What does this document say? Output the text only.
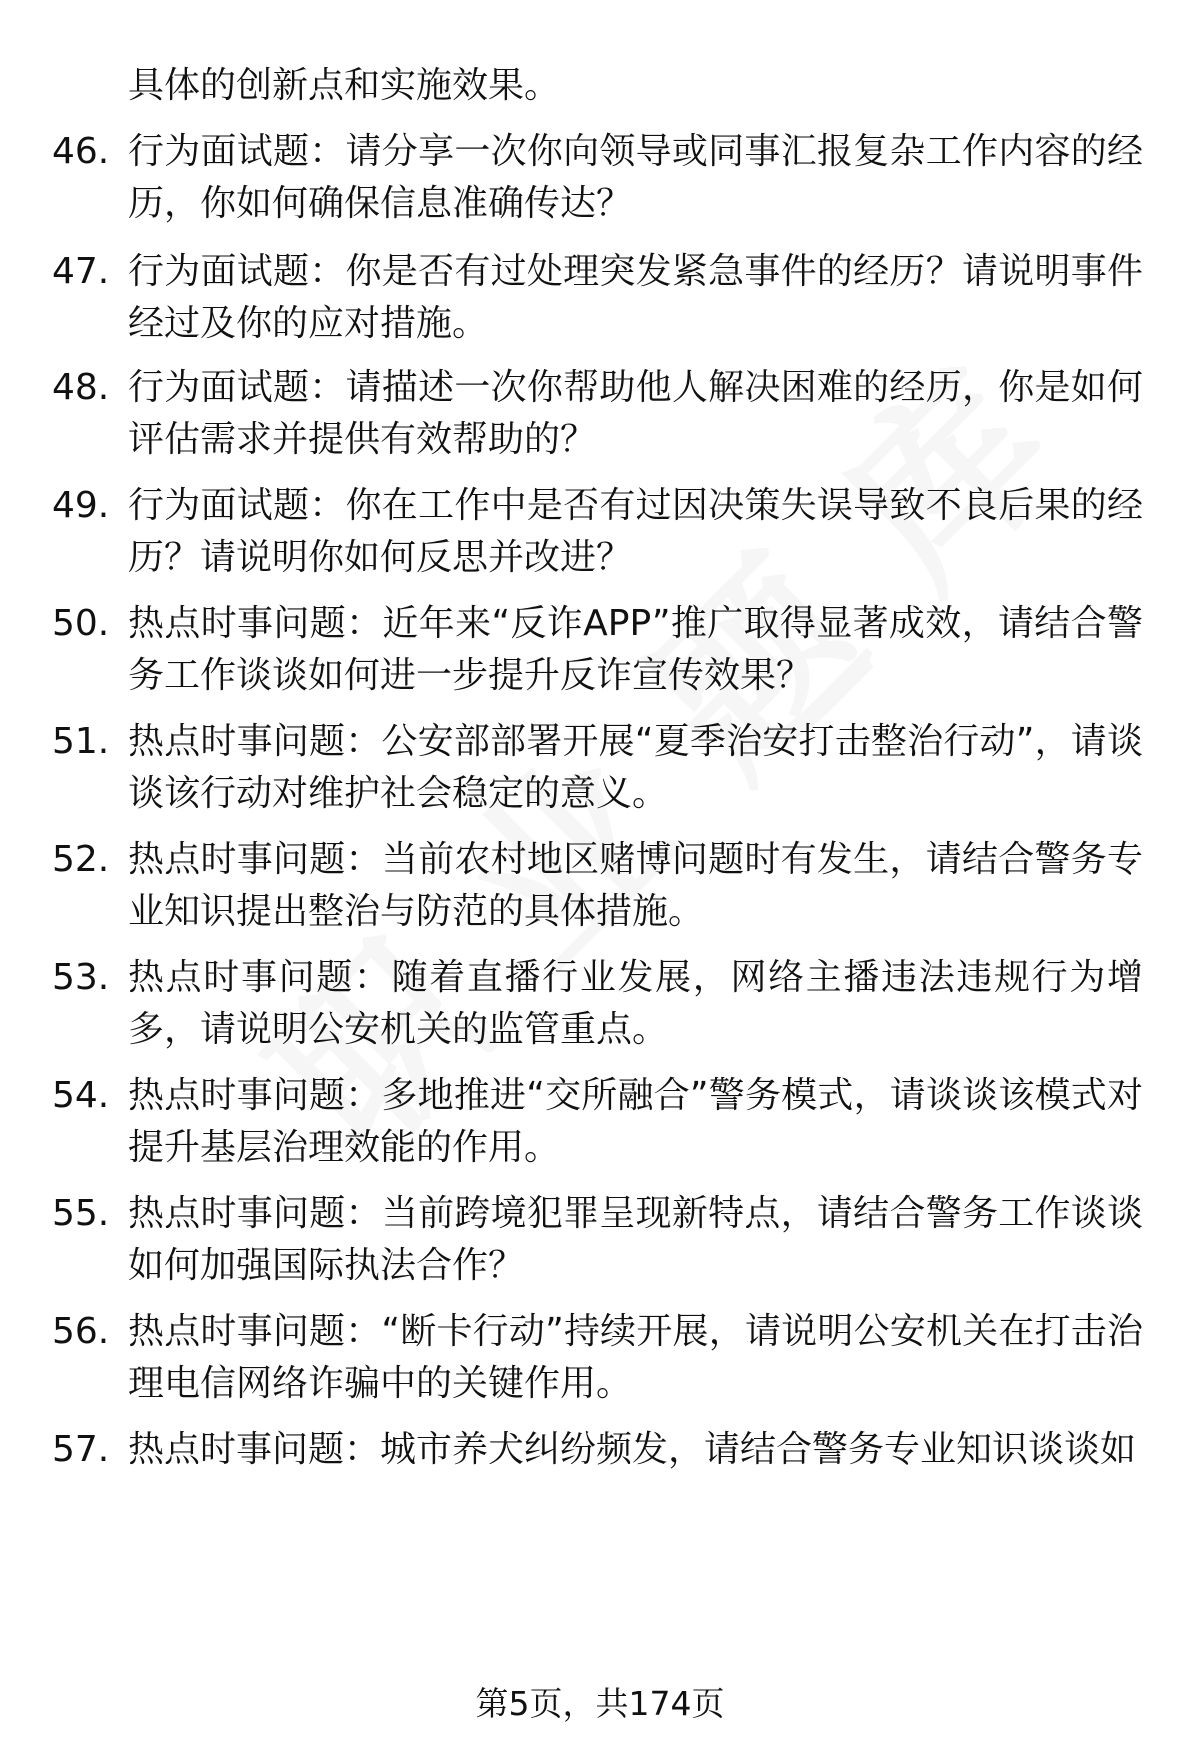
具体的创新点和实施效果。
46. 行为面试题：请分享一次你向领导或同事汇报复杂工作内容的经历，你如何确保信息准确传达？
47. 行为面试题：你是否有过处理突发紧急事件的经历？请说明事件经过及你的应对措施。
48. 行为面试题：请描述一次你帮助他人解决困难的经历，你是如何评估需求并提供有效帮助的？
49. 行为面试题：你在工作中是否有过因决策失误导致不良后果的经历？请说明你如何反思并改进？
50. 热点时事问题：近年来“反诈APP”推广取得显著成效，请结合警务工作谈谈如何进一步提升反诈宣传效果？
51. 热点时事问题：公安部部署开展“夏季治安打击整治行动”，请谈谈该行动对维护社会稳定的意义。
52. 热点时事问题：当前农村地区赌博问题时有发生，请结合警务专业知识提出整治与防范的具体措施。
53. 热点时事问题：随着直播行业发展，网络主播违法违规行为增多，请说明公安机关的监管重点。
54. 热点时事问题：多地推进“交所融合”警务模式，请谈谈该模式对提升基层治理效能的作用。
55. 热点时事问题：当前跨境犯罪呈现新特点，请结合警务工作谈谈如何加强国际执法合作？
56. 热点时事问题：“断卡行动”持续开展，请说明公安机关在打击治理电信网络诈骗中的关键作用。
57. 热点时事问题：城市养犬纠纷频发，请结合警务专业知识谈谈如
第5页，共174页
